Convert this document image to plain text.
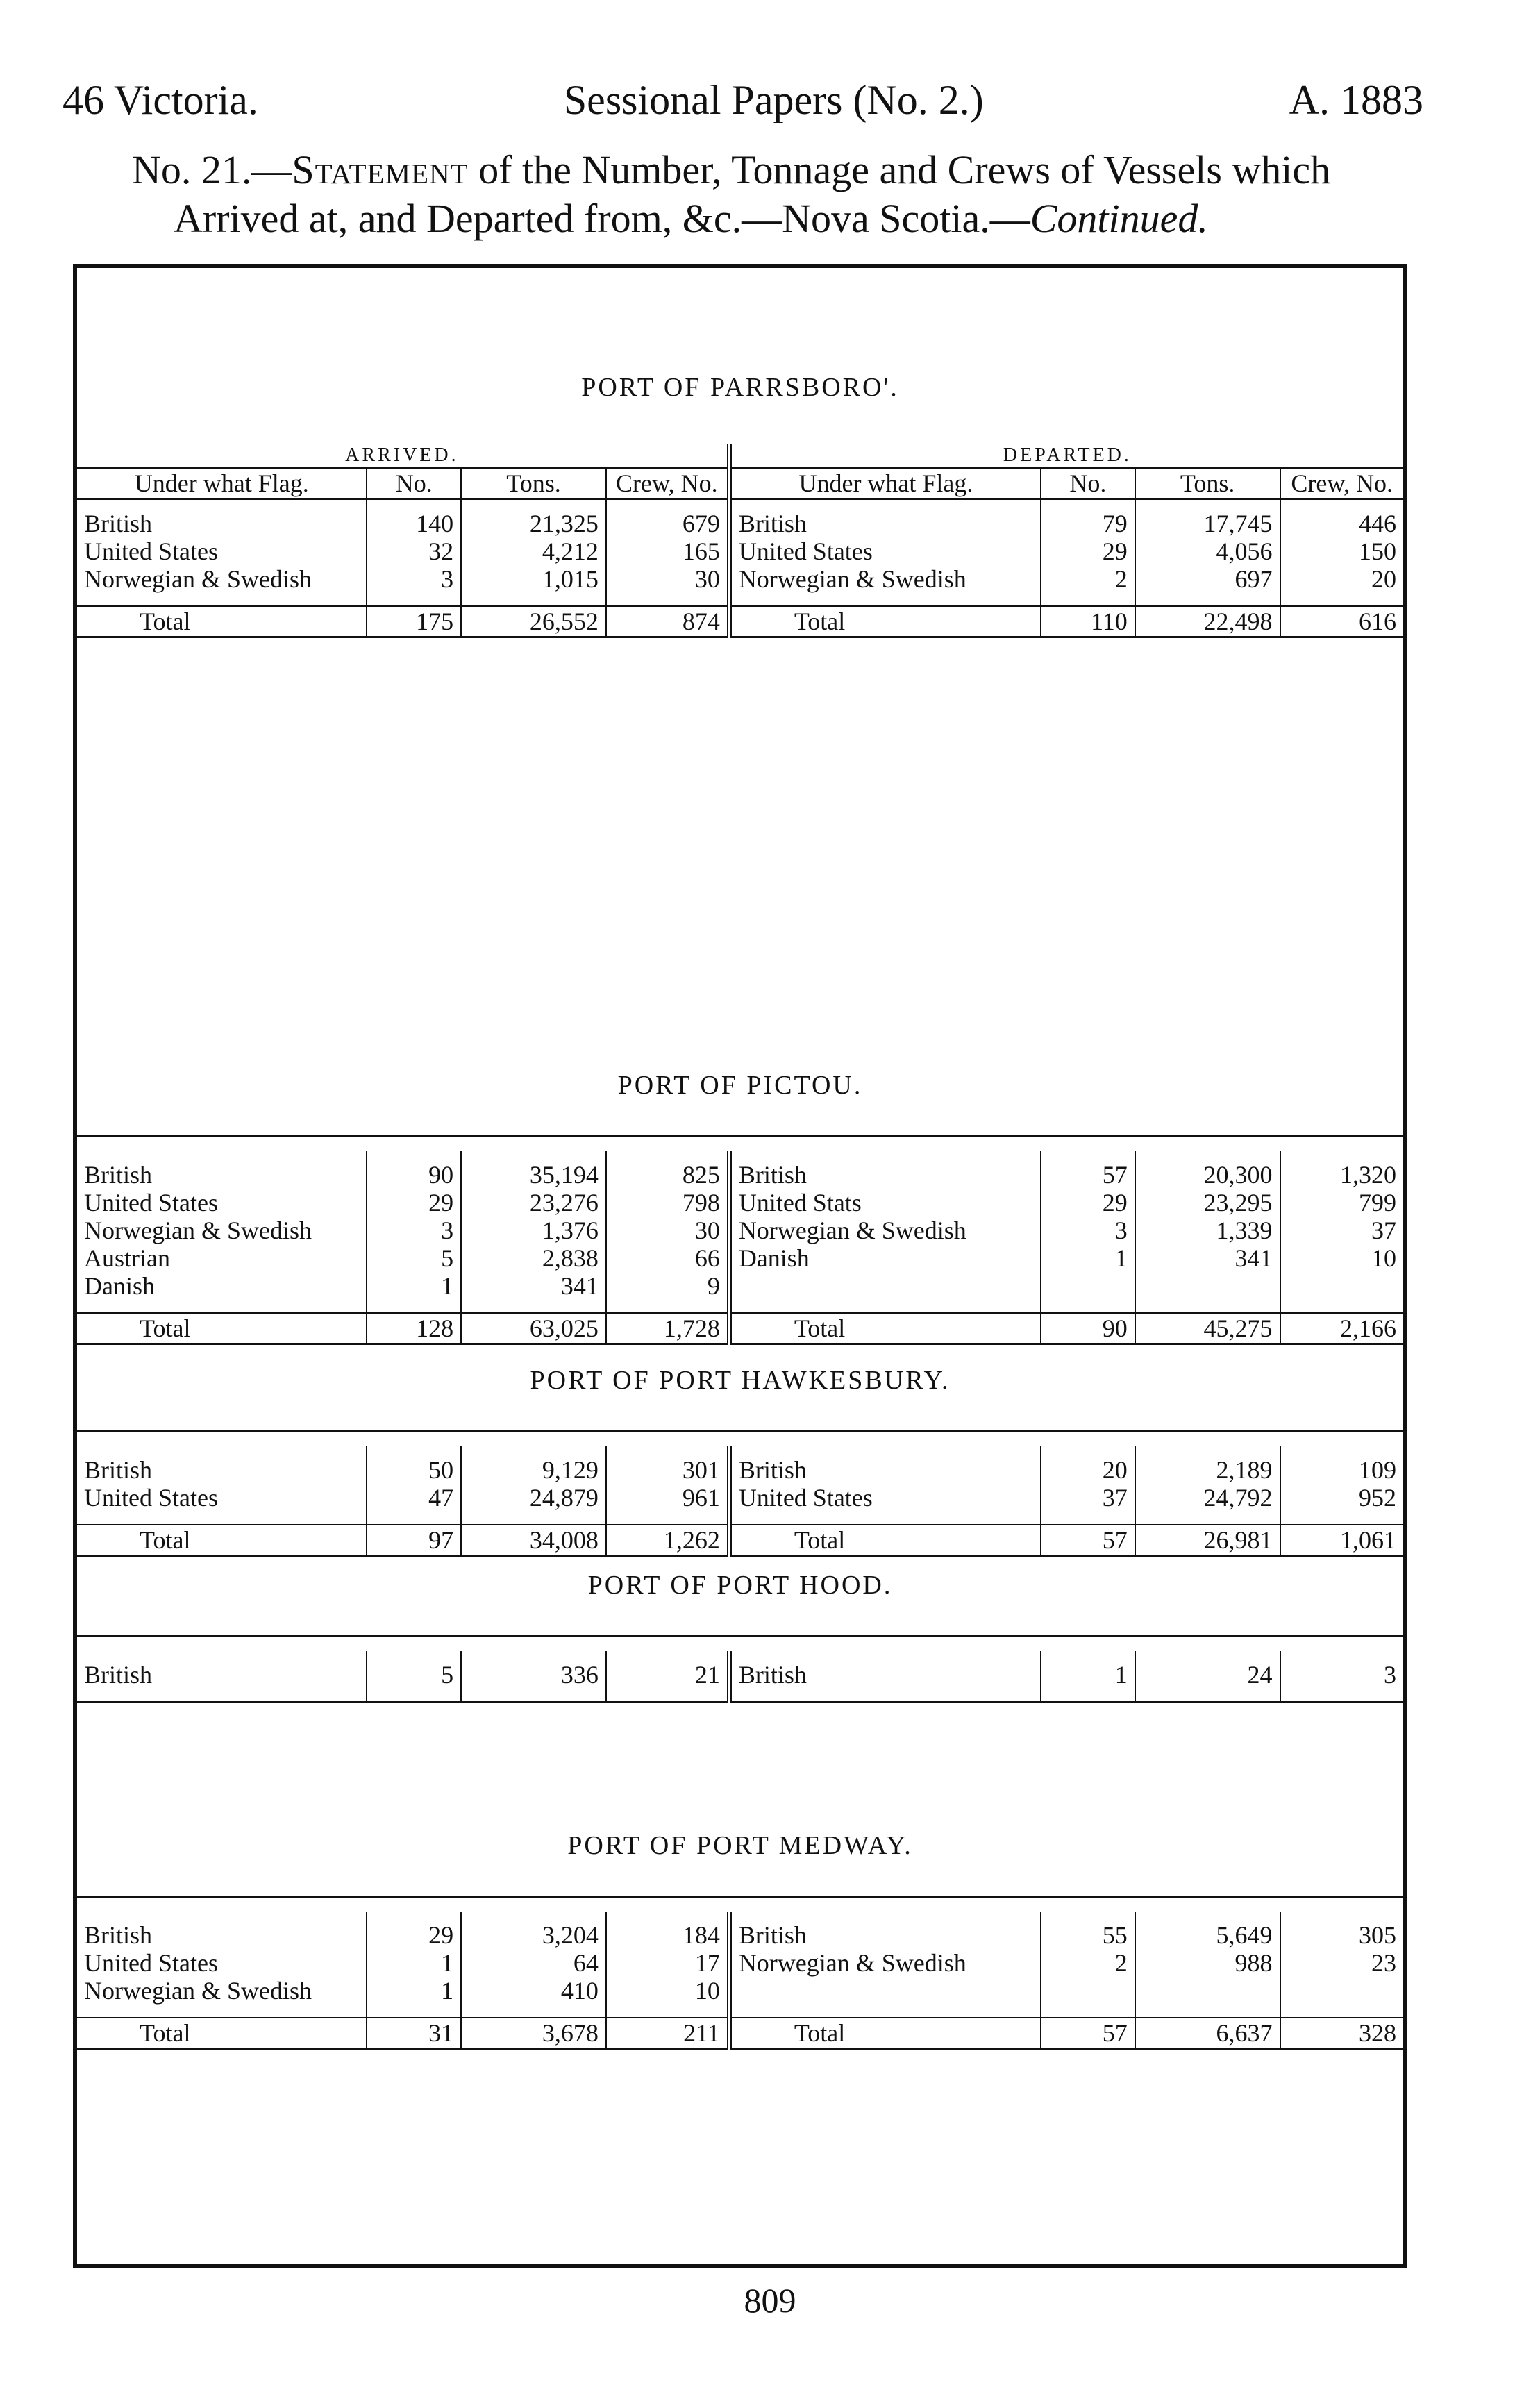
46 Victoria.	Sessional Papers (No. 2.)	A. 1883
No. 21.—Statement of the Number, Tonnage and Crews of Vessels which
Arrived at, and Departed from, &c.—Nova Scotia.—Continued.
PORT OF PARRSBORO'.
ARRIVED.				DEPARTED.			
Under what Flag.	No.	Tons.	Crew, No.	Under what Flag.	No.	Tons.	Crew, No.
British	140	21,325	679	British	79	17,745	446
United States	32	4,212	165	United States	29	4,056	150
Norwegian & Swedish	3	1,015	30	Norwegian & Swedish	2	697	20
Total	175	26,552	874	Total	110	22,498	616

PORT OF PICTOU.

British	90	35,194	825	British	57	20,300	1,320
United States	29	23,276	798	United Stats	29	23,295	799
Norwegian & Swedish	3	1,376	30	Norwegian & Swedish	3	1,339	37
Austrian	5	2,838	66	Danish	1	341	10
Danish	1	341	9				
Total	128	63,025	1,728	Total	90	45,275	2,166

PORT OF PORT HAWKESBURY.

British	50	9,129	301	British	20	2,189	109
United States	47	24,879	961	United States	37	24,792	952
Total	97	34,008	1,262	Total	57	26,981	1,061

PORT OF PORT HOOD.

British	5	336	21	British	1	24	3

PORT OF PORT MEDWAY.

British	29	3,204	184	British	55	5,649	305
United States	1	64	17	Norwegian & Swedish	2	988	23
Norwegian & Swedish	1	410	10				
Total	31	3,678	211	Total	57	6,637	328

809
